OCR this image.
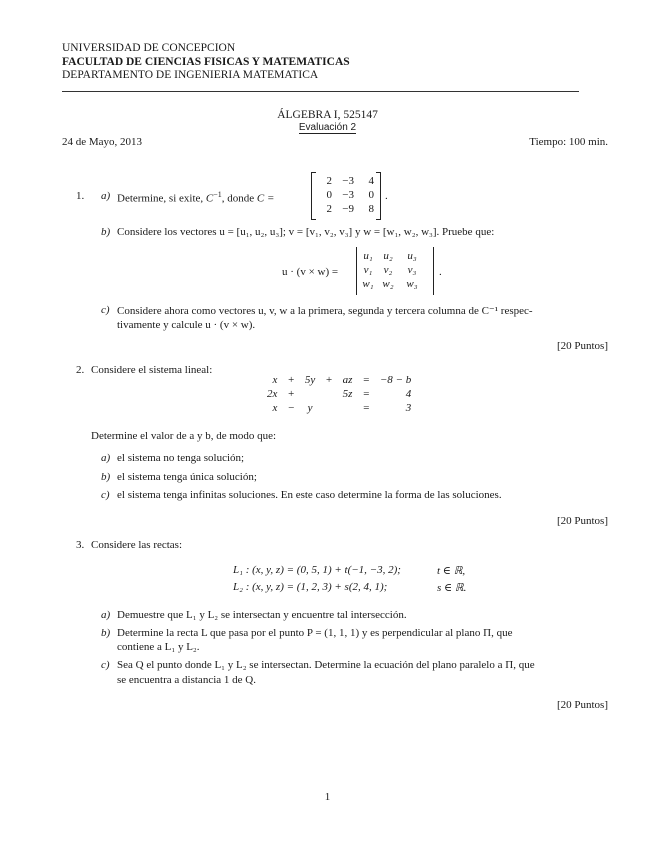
UNIVERSIDAD DE CONCEPCION
FACULTAD DE CIENCIAS FISICAS Y MATEMATICAS
DEPARTAMENTO DE INGENIERIA MATEMATICA
ÁLGEBRA I, 525147
Evaluación 2
24 de Mayo, 2013	Tiempo: 100 min.
1. a) Determine, si exite, $C^{-1}$, donde C =
2 −3	4
0 −3	0
2 −9	8
.
b) Considere los vectores u = [u₁, u₂, u₃]; v = [v₁, v₂, v₃] y w = [w₁, w₂, w₃]. Pruebe que:
u · (v × w) =
u₁ u₂	u₃
v₁	v₂	v₃
w₁ w₂	w₃
.
c) Considere ahora como vectores u, v, w a la primera, segunda y tercera columna de C⁻¹ respec-
tivamente y calcule u · (v × w).
[20 Puntos]
2. Considere el sistema lineal:
x	+	5y	+	az	=	−8 − b
2x	+			5z	=	4
x	−	y			=	3
Determine el valor de a y b, de modo que:
a) el sistema no tenga solución;
b) el sistema tenga única solución;
c) el sistema tenga infinitas soluciones. En este caso determine la forma de las soluciones.
[20 Puntos]
3. Considere las rectas:
L₁ : (x, y, z) = (0, 5, 1) + t(−1, −3, 2);	t ∈ ℝ,
L₂ : (x, y, z) = (1, 2, 3) + s(2, 4, 1);	s ∈ ℝ.
a) Demuestre que L₁ y L₂ se intersectan y encuentre tal intersección.
b) Determine la recta L que pasa por el punto P = (1, 1, 1) y es perpendicular al plano Π, que
contiene a L₁ y L₂.
c) Sea Q el punto donde L₁ y L₂ se intersectan. Determine la ecuación del plano paralelo a Π, que
se encuentra a distancia 1 de Q.
[20 Puntos]
1
